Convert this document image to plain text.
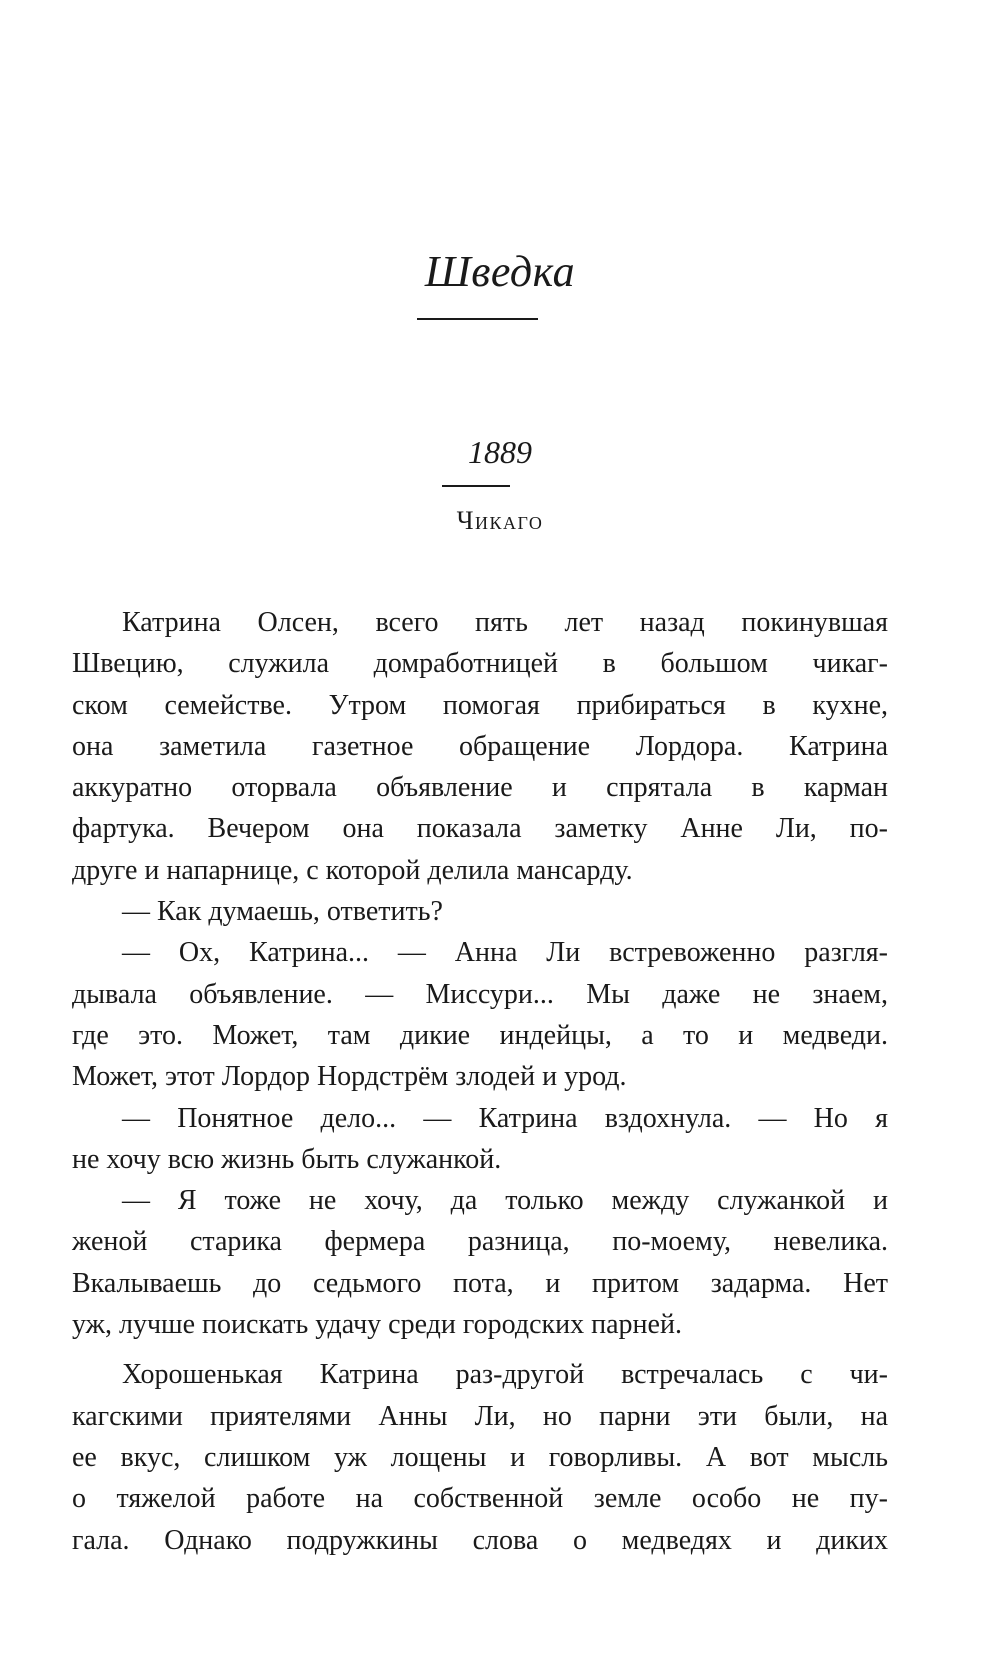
Шведка
1889
Чикаго
Катрина Олсен, всего пять лет назад покинувшая
Швецию, служила домработницей в большом чикаг-
ском семействе. Утром помогая прибираться в кухне,
она заметила газетное обращение Лордора. Катрина
аккуратно оторвала объявление и спрятала в карман
фартука. Вечером она показала заметку Анне Ли, по-
друге и напарнице, с которой делила мансарду.
— Как думаешь, ответить?
— Ох, Катрина... — Анна Ли встревоженно разгля-
дывала объявление. — Миссури... Мы даже не знаем,
где это. Может, там дикие индейцы, а то и медведи.
Может, этот Лордор Нордстрём злодей и урод.
— Понятное дело... — Катрина вздохнула. — Но я
не хочу всю жизнь быть служанкой.
— Я тоже не хочу, да только между служанкой и
женой старика фермера разница, по-моему, невелика.
Вкалываешь до седьмого пота, и притом задарма. Нет
уж, лучше поискать удачу среди городских парней.
Хорошенькая Катрина раз-другой встречалась с чи-
кагскими приятелями Анны Ли, но парни эти были, на
ее вкус, слишком уж лощены и говорливы. А вот мысль
о тяжелой работе на собственной земле особо не пу-
гала. Однако подружкины слова о медведях и диких
